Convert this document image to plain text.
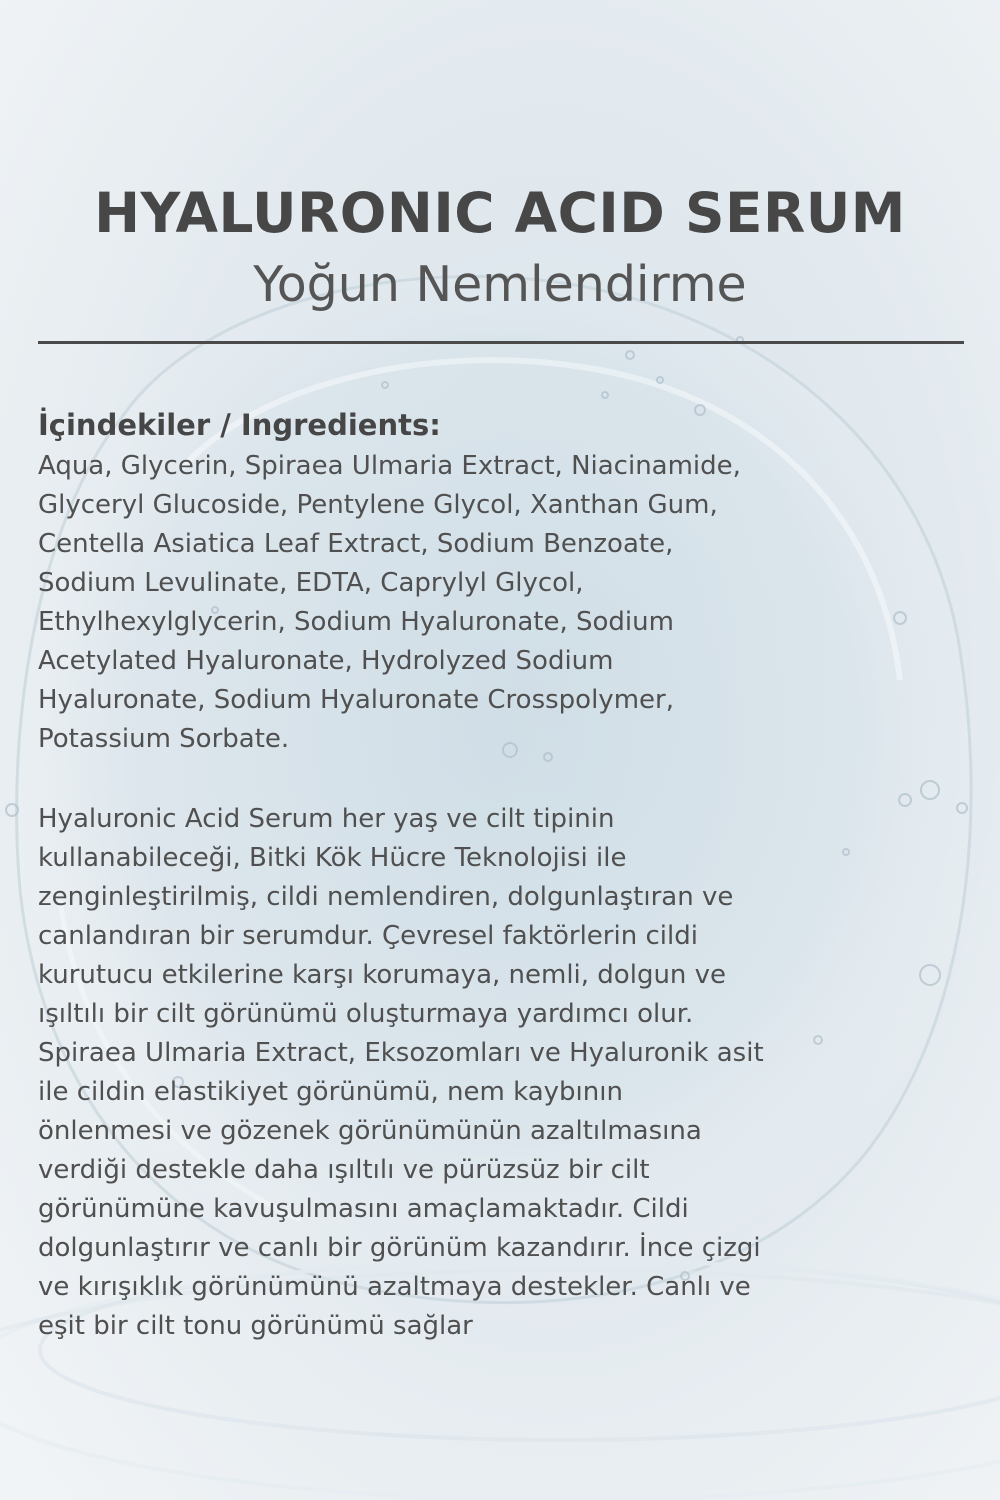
HYALURONIC ACID SERUM
Yoğun Nemlendirme
İçindekiler / Ingredients:
Aqua, Glycerin, Spiraea Ulmaria Extract, Niacinamide,
Glyceryl Glucoside, Pentylene Glycol, Xanthan Gum,
Centella Asiatica Leaf Extract, Sodium Benzoate,
Sodium Levulinate, EDTA, Caprylyl Glycol,
Ethylhexylglycerin, Sodium Hyaluronate, Sodium
Acetylated Hyaluronate, Hydrolyzed Sodium
Hyaluronate, Sodium Hyaluronate Crosspolymer,
Potassium Sorbate.
Hyaluronic Acid Serum her yaş ve cilt tipinin
kullanabileceği, Bitki Kök Hücre Teknolojisi ile
zenginleştirilmiş, cildi nemlendiren, dolgunlaştıran ve
canlandıran bir serumdur. Çevresel faktörlerin cildi
kurutucu etkilerine karşı korumaya, nemli, dolgun ve
ışıltılı bir cilt görünümü oluşturmaya yardımcı olur.
Spiraea Ulmaria Extract, Eksozomları ve Hyaluronik asit
ile cildin elastikiyet görünümü, nem kaybının
önlenmesi ve gözenek görünümünün azaltılmasına
verdiği destekle daha ışıltılı ve pürüzsüz bir cilt
görünümüne kavuşulmasını amaçlamaktadır. Cildi
dolgunlaştırır ve canlı bir görünüm kazandırır. İnce çizgi
ve kırışıklık görünümünü azaltmaya destekler. Canlı ve
eşit bir cilt tonu görünümü sağlar
